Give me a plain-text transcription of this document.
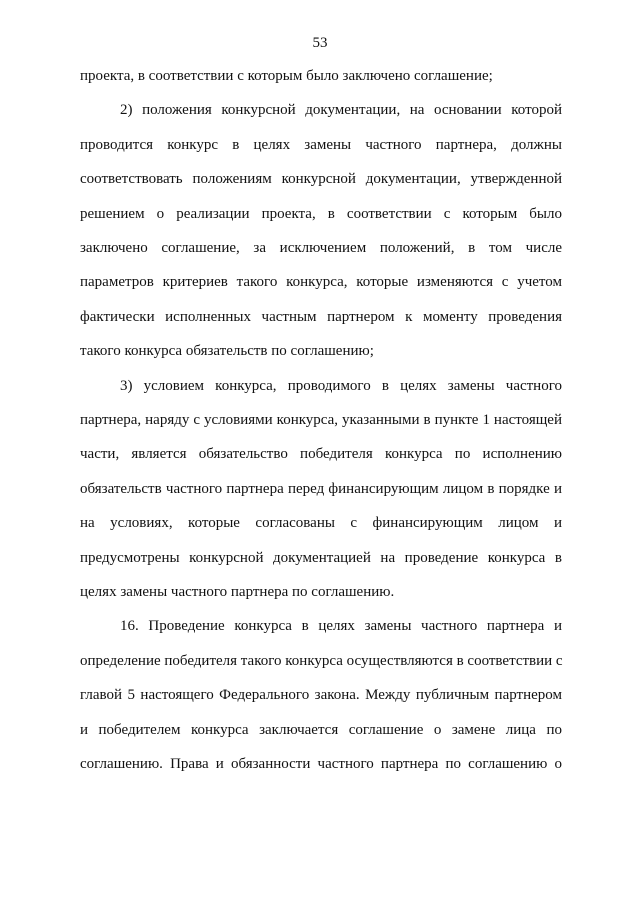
53
проекта, в соответствии с которым было заключено соглашение;
2) положения конкурсной документации, на основании которой
проводится конкурс в целях замены частного партнера, должны
соответствовать положениям конкурсной документации, утвержденной
решением о реализации проекта, в соответствии с которым было
заключено соглашение, за исключением положений, в том числе
параметров критериев такого конкурса, которые изменяются с учетом
фактически исполненных частным партнером к моменту проведения
такого конкурса обязательств по соглашению;
3) условием конкурса, проводимого в целях замены частного
партнера, наряду с условиями конкурса, указанными в пункте 1 настоящей
части, является обязательство победителя конкурса по исполнению
обязательств частного партнера перед финансирующим лицом в порядке и
на условиях, которые согласованы с финансирующим лицом и
предусмотрены конкурсной документацией на проведение конкурса в
целях замены частного партнера по соглашению.
16. Проведение конкурса в целях замены частного партнера и
определение победителя такого конкурса осуществляются в соответствии с
главой 5 настоящего Федерального закона. Между публичным партнером
и победителем конкурса заключается соглашение о замене лица по
соглашению. Права и обязанности частного партнера по соглашению о
